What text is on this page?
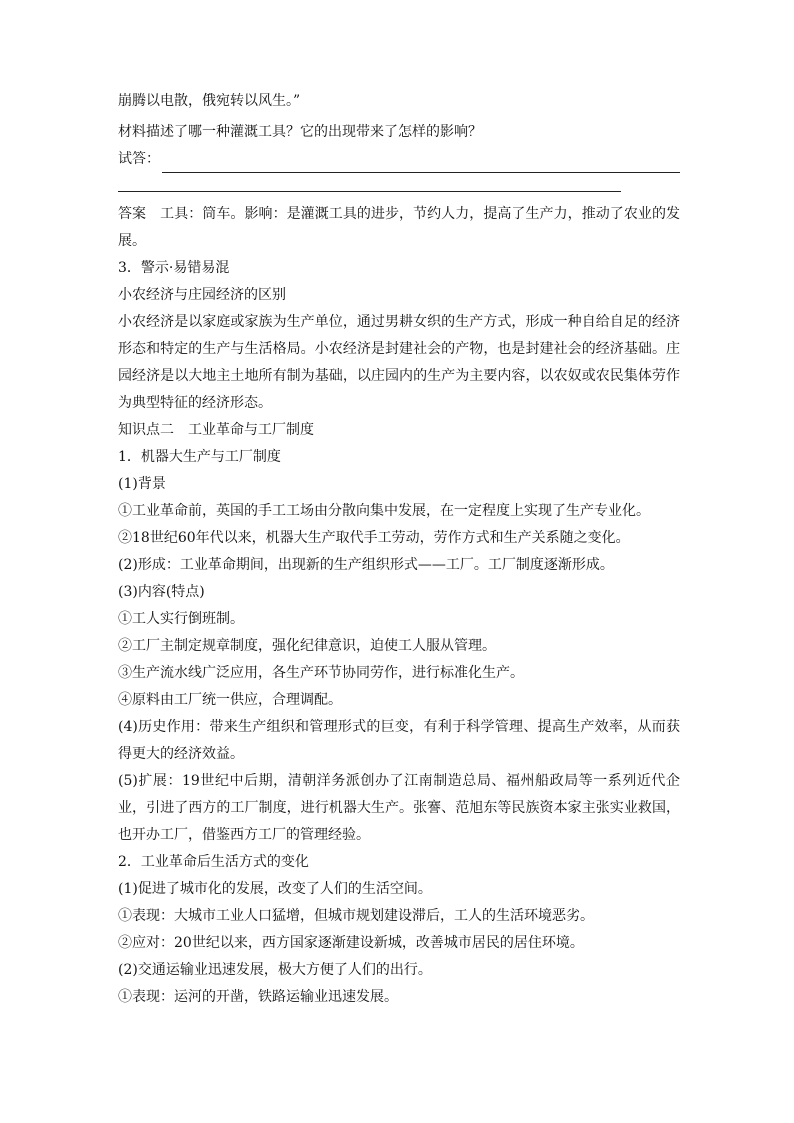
崩腾以电散，俄宛转以风生。”
材料描述了哪一种灌溉工具？它的出现带来了怎样的影响？
试答：
答案　工具：筒车。影响：是灌溉工具的进步，节约人力，提高了生产力，推动了农业的发展。
3．警示·易错易混
小农经济与庄园经济的区别
小农经济是以家庭或家族为生产单位，通过男耕女织的生产方式，形成一种自给自足的经济形态和特定的生产与生活格局。小农经济是封建社会的产物，也是封建社会的经济基础。庄园经济是以大地主土地所有制为基础，以庄园内的生产为主要内容，以农奴或农民集体劳作为典型特征的经济形态。
知识点二　工业革命与工厂制度
1．机器大生产与工厂制度
(1)背景
①工业革命前，英国的手工工场由分散向集中发展，在一定程度上实现了生产专业化。
②18世纪60年代以来，机器大生产取代手工劳动，劳作方式和生产关系随之变化。
(2)形成：工业革命期间，出现新的生产组织形式——工厂。工厂制度逐渐形成。
(3)内容(特点)
①工人实行倒班制。
②工厂主制定规章制度，强化纪律意识，迫使工人服从管理。
③生产流水线广泛应用，各生产环节协同劳作，进行标准化生产。
④原料由工厂统一供应，合理调配。
(4)历史作用：带来生产组织和管理形式的巨变，有利于科学管理、提高生产效率，从而获得更大的经济效益。
(5)扩展：19世纪中后期，清朝洋务派创办了江南制造总局、福州船政局等一系列近代企业，引进了西方的工厂制度，进行机器大生产。张謇、范旭东等民族资本家主张实业救国，也开办工厂，借鉴西方工厂的管理经验。
2．工业革命后生活方式的变化
(1)促进了城市化的发展，改变了人们的生活空间。
①表现：大城市工业人口猛增，但城市规划建设滞后，工人的生活环境恶劣。
②应对：20世纪以来，西方国家逐渐建设新城，改善城市居民的居住环境。
(2)交通运输业迅速发展，极大方便了人们的出行。
①表现：运河的开凿，铁路运输业迅速发展。
